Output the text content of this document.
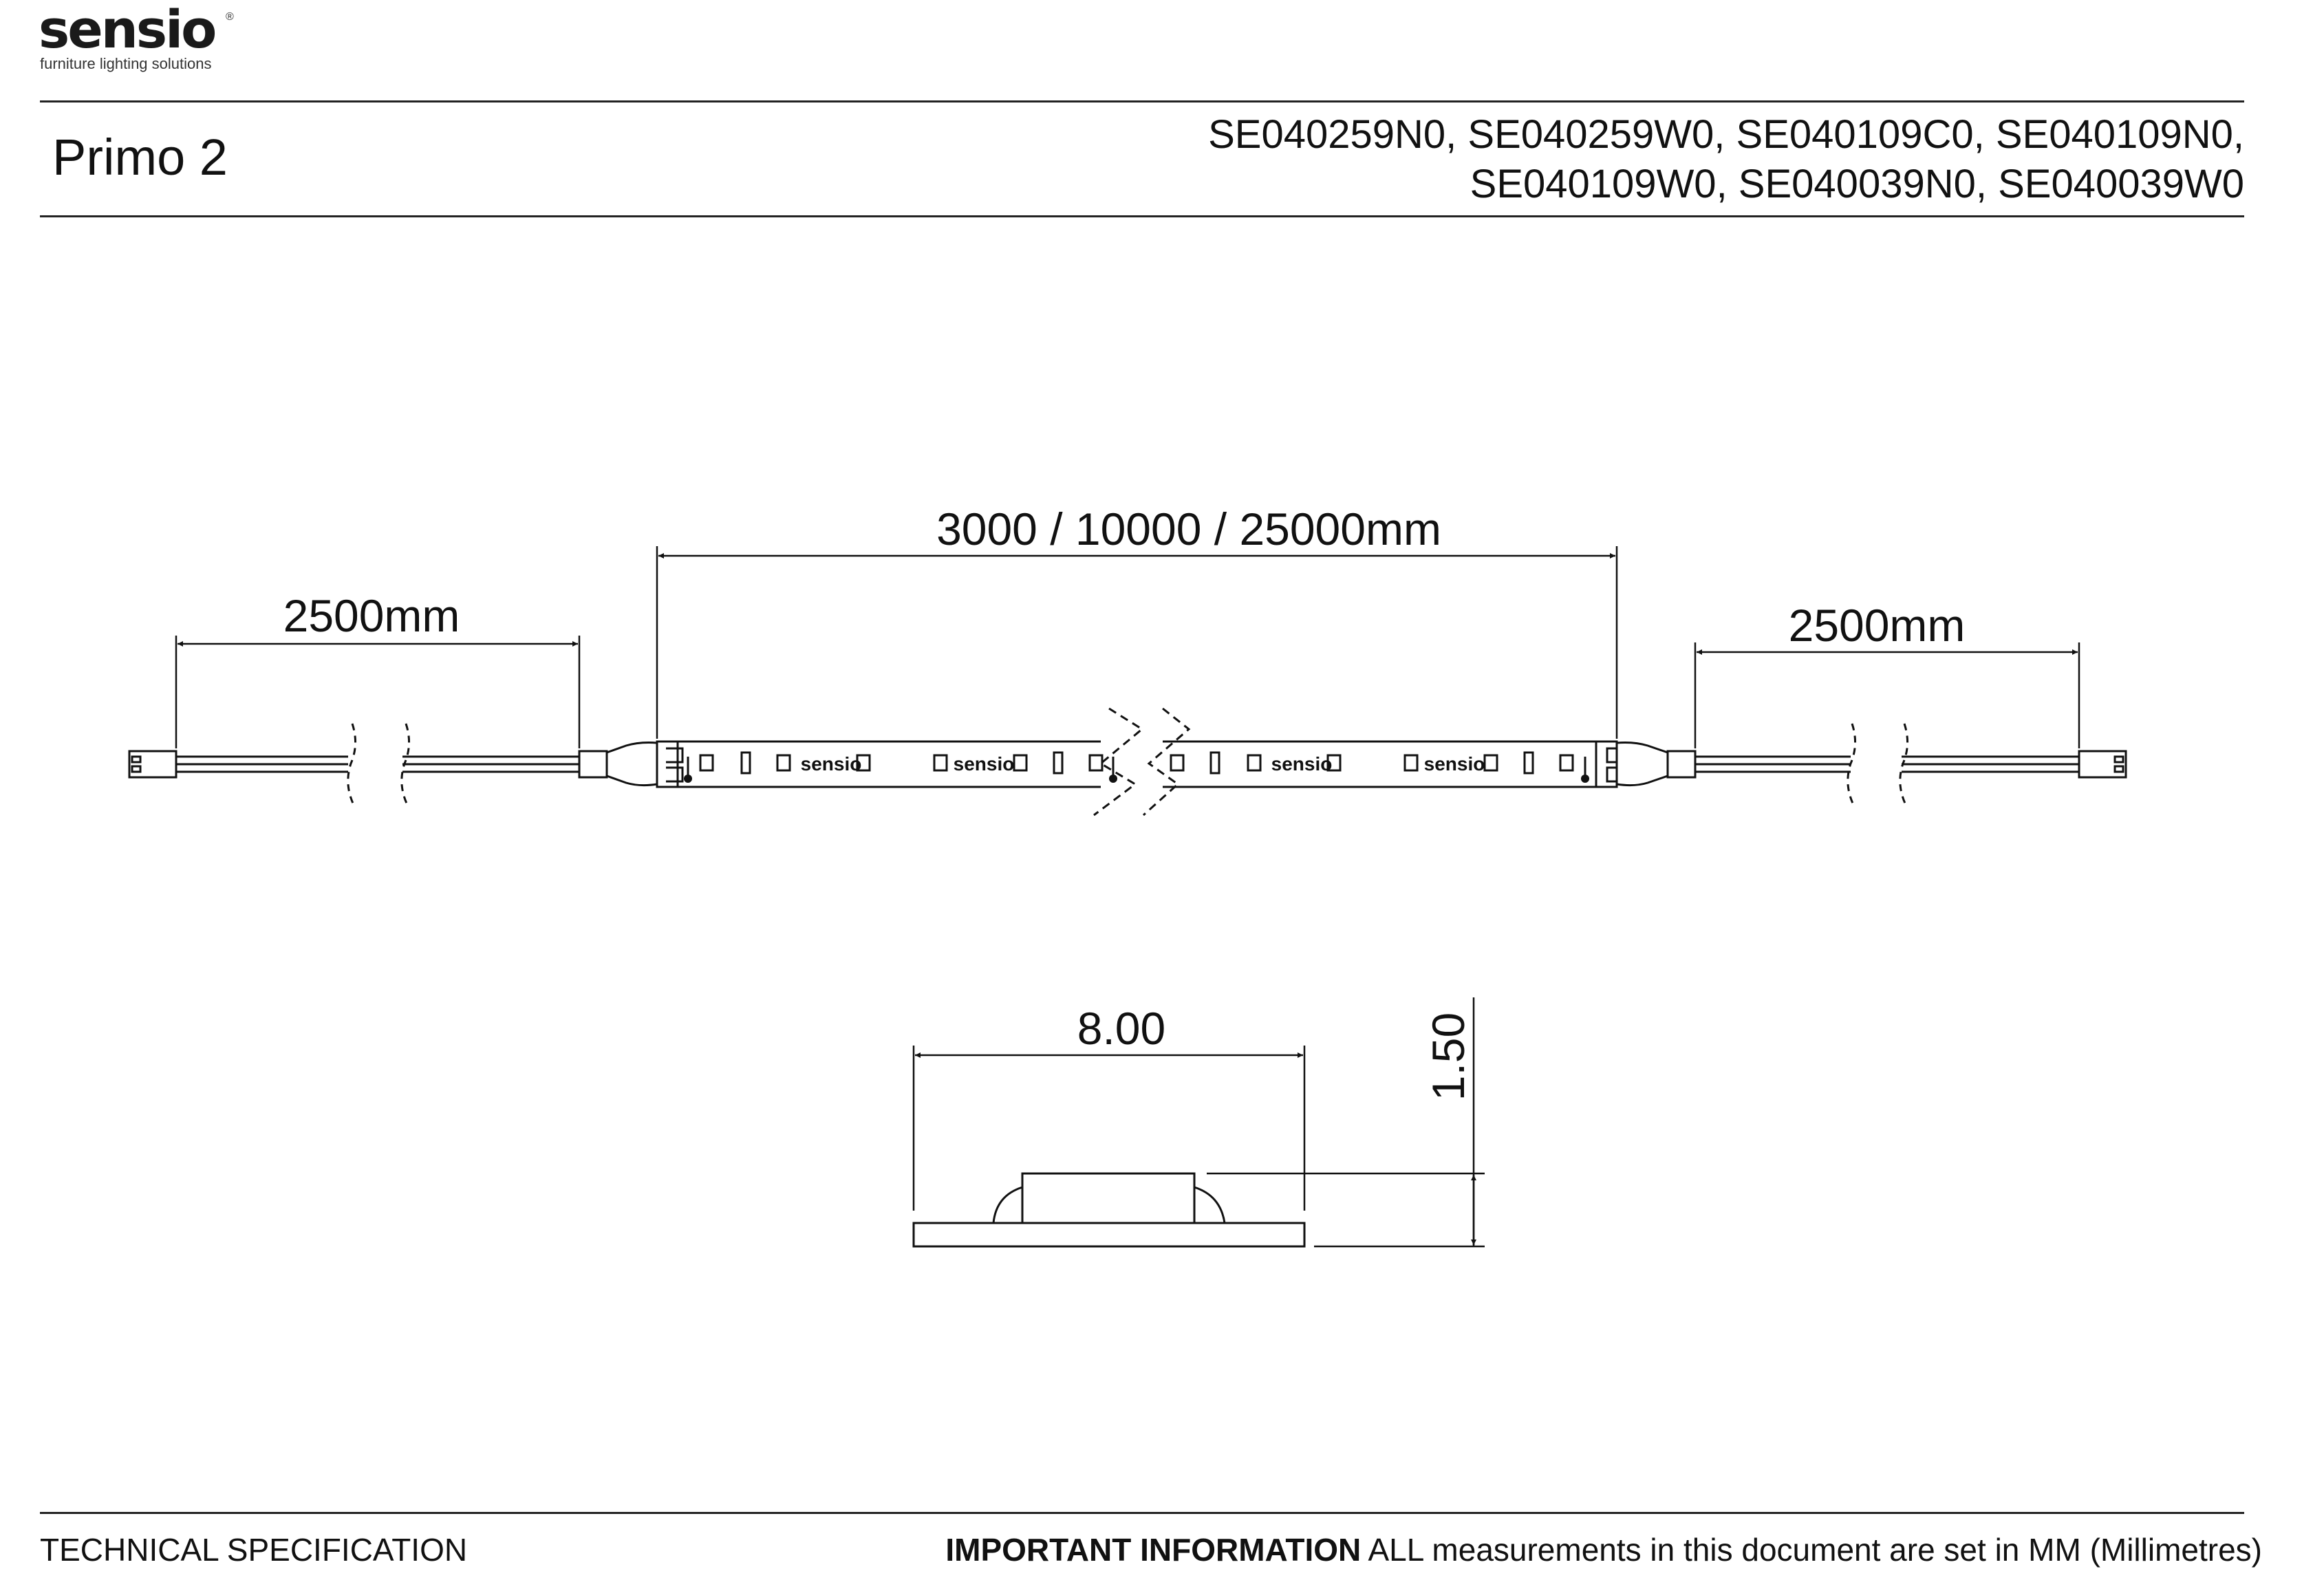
sensio ®
furniture lighting solutions
Primo 2	SE040259N0, SE040259W0, SE040109C0, SE040109N0,
SE040109W0, SE040039N0, SE040039W0
2500mm
sensio	sensio	sensio	sensio
3000 / 10000 / 25000mm
2500mm
8.00	1.50
TECHNICAL SPECIFICATION	IMPORTANT INFORMATION ALL measurements in this document are set in MM (Millimetres)
